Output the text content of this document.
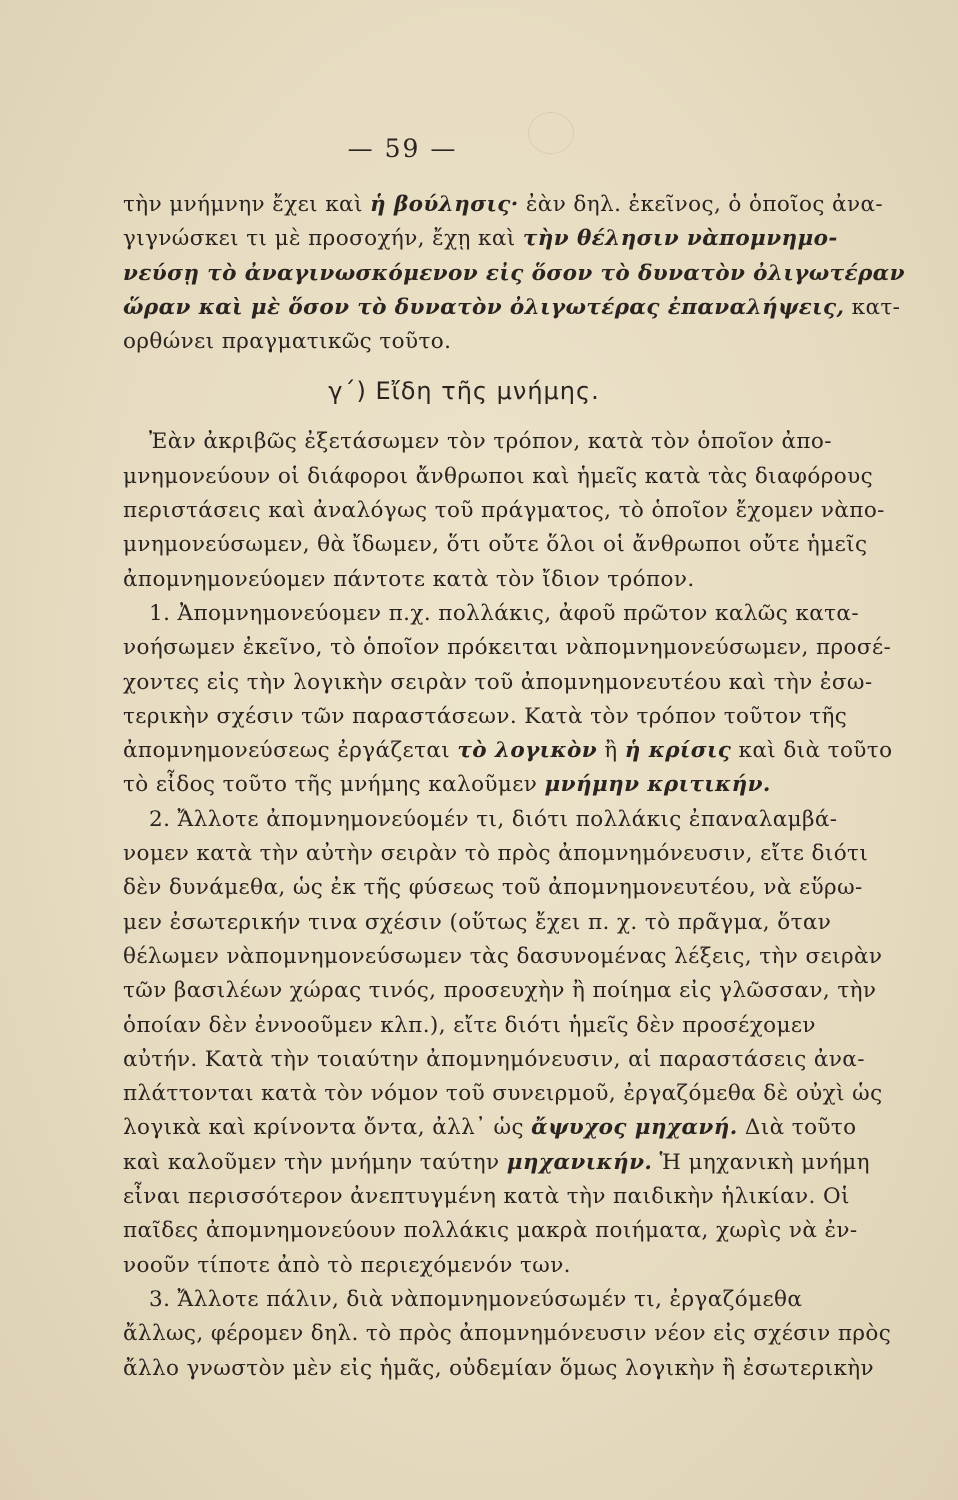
— 59 —
τὴν μνήμνην ἔχει καὶ ἡ βούλησις· ἐὰν δηλ. ἐκεῖνος, ὁ ὁποῖος ἀνα-
γιγνώσκει τι μὲ προσοχήν, ἔχῃ καὶ τὴν θέλησιν νὰπομνημο-
νεύσῃ τὸ ἀναγινωσκόμενον εἰς ὅσον τὸ δυνατὸν ὀλιγωτέραν
ὥραν καὶ μὲ ὅσον τὸ δυνατὸν ὀλιγωτέρας ἐπαναλήψεις, κατ-
ορθώνει πραγματικῶς τοῦτο.
γ΄) Εἴδη τῆς μνήμης.
Ἐὰν ἀκριβῶς ἐξετάσωμεν τὸν τρόπον, κατὰ τὸν ὁποῖον ἀπο-
μνημονεύουν οἱ διάφοροι ἄνθρωποι καὶ ἡμεῖς κατὰ τὰς διαφόρους
περιστάσεις καὶ ἀναλόγως τοῦ πράγματος, τὸ ὁποῖον ἔχομεν νὰπο-
μνημονεύσωμεν, θὰ ἴδωμεν, ὅτι οὔτε ὅλοι οἱ ἄνθρωποι οὔτε ἡμεῖς
ἀπομνημονεύομεν πάντοτε κατὰ τὸν ἴδιον τρόπον.
1. Ἀπομνημονεύομεν π.χ. πολλάκις, ἀφοῦ πρῶτον καλῶς κατα-
νοήσωμεν ἐκεῖνο, τὸ ὁποῖον πρόκειται νὰπομνημονεύσωμεν, προσέ-
χοντες εἰς τὴν λογικὴν σειρὰν τοῦ ἀπομνημονευτέου καὶ τὴν ἐσω-
τερικὴν σχέσιν τῶν παραστάσεων. Κατὰ τὸν τρόπον τοῦτον τῆς
ἀπομνημονεύσεως ἐργάζεται τὸ λογικὸν ἢ ἡ κρίσις καὶ διὰ τοῦτο
τὸ εἶδος τοῦτο τῆς μνήμης καλοῦμεν μνήμην κριτικήν.
2. Ἄλλοτε ἀπομνημονεύομέν τι, διότι πολλάκις ἐπαναλαμβά-
νομεν κατὰ τὴν αὐτὴν σειρὰν τὸ πρὸς ἀπομνημόνευσιν, εἴτε διότι
δὲν δυνάμεθα, ὡς ἐκ τῆς φύσεως τοῦ ἀπομνημονευτέου, νὰ εὕρω-
μεν ἐσωτερικήν τινα σχέσιν (οὕτως ἔχει π. χ. τὸ πρᾶγμα, ὅταν
θέλωμεν νὰπομνημονεύσωμεν τὰς δασυνομένας λέξεις, τὴν σειρὰν
τῶν βασιλέων χώρας τινός, προσευχὴν ἢ ποίημα εἰς γλῶσσαν, τὴν
ὁποίαν δὲν ἐννοοῦμεν κλπ.), εἴτε διότι ἡμεῖς δὲν προσέχομεν
αὐτήν. Κατὰ τὴν τοιαύτην ἀπομνημόνευσιν, αἱ παραστάσεις ἀνα-
πλάττονται κατὰ τὸν νόμον τοῦ συνειρμοῦ, ἐργαζόμεθα δὲ οὐχὶ ὡς
λογικὰ καὶ κρίνοντα ὄντα, ἀλλ᾿ ὡς ἄψυχος μηχανή. Διὰ τοῦτο
καὶ καλοῦμεν τὴν μνήμην ταύτην μηχανικήν. Ἡ μηχανικὴ μνήμη
εἶναι περισσότερον ἀνεπτυγμένη κατὰ τὴν παιδικὴν ἡλικίαν. Οἱ
παῖδες ἀπομνημονεύουν πολλάκις μακρὰ ποιήματα, χωρὶς νὰ ἐν-
νοοῦν τίποτε ἀπὸ τὸ περιεχόμενόν των.
3. Ἄλλοτε πάλιν, διὰ νὰπομνημονεύσωμέν τι, ἐργαζόμεθα
ἄλλως, φέρομεν δηλ. τὸ πρὸς ἀπομνημόνευσιν νέον εἰς σχέσιν πρὸς
ἄλλο γνωστὸν μὲν εἰς ἡμᾶς, οὐδεμίαν ὅμως λογικὴν ἢ ἐσωτερικὴν
